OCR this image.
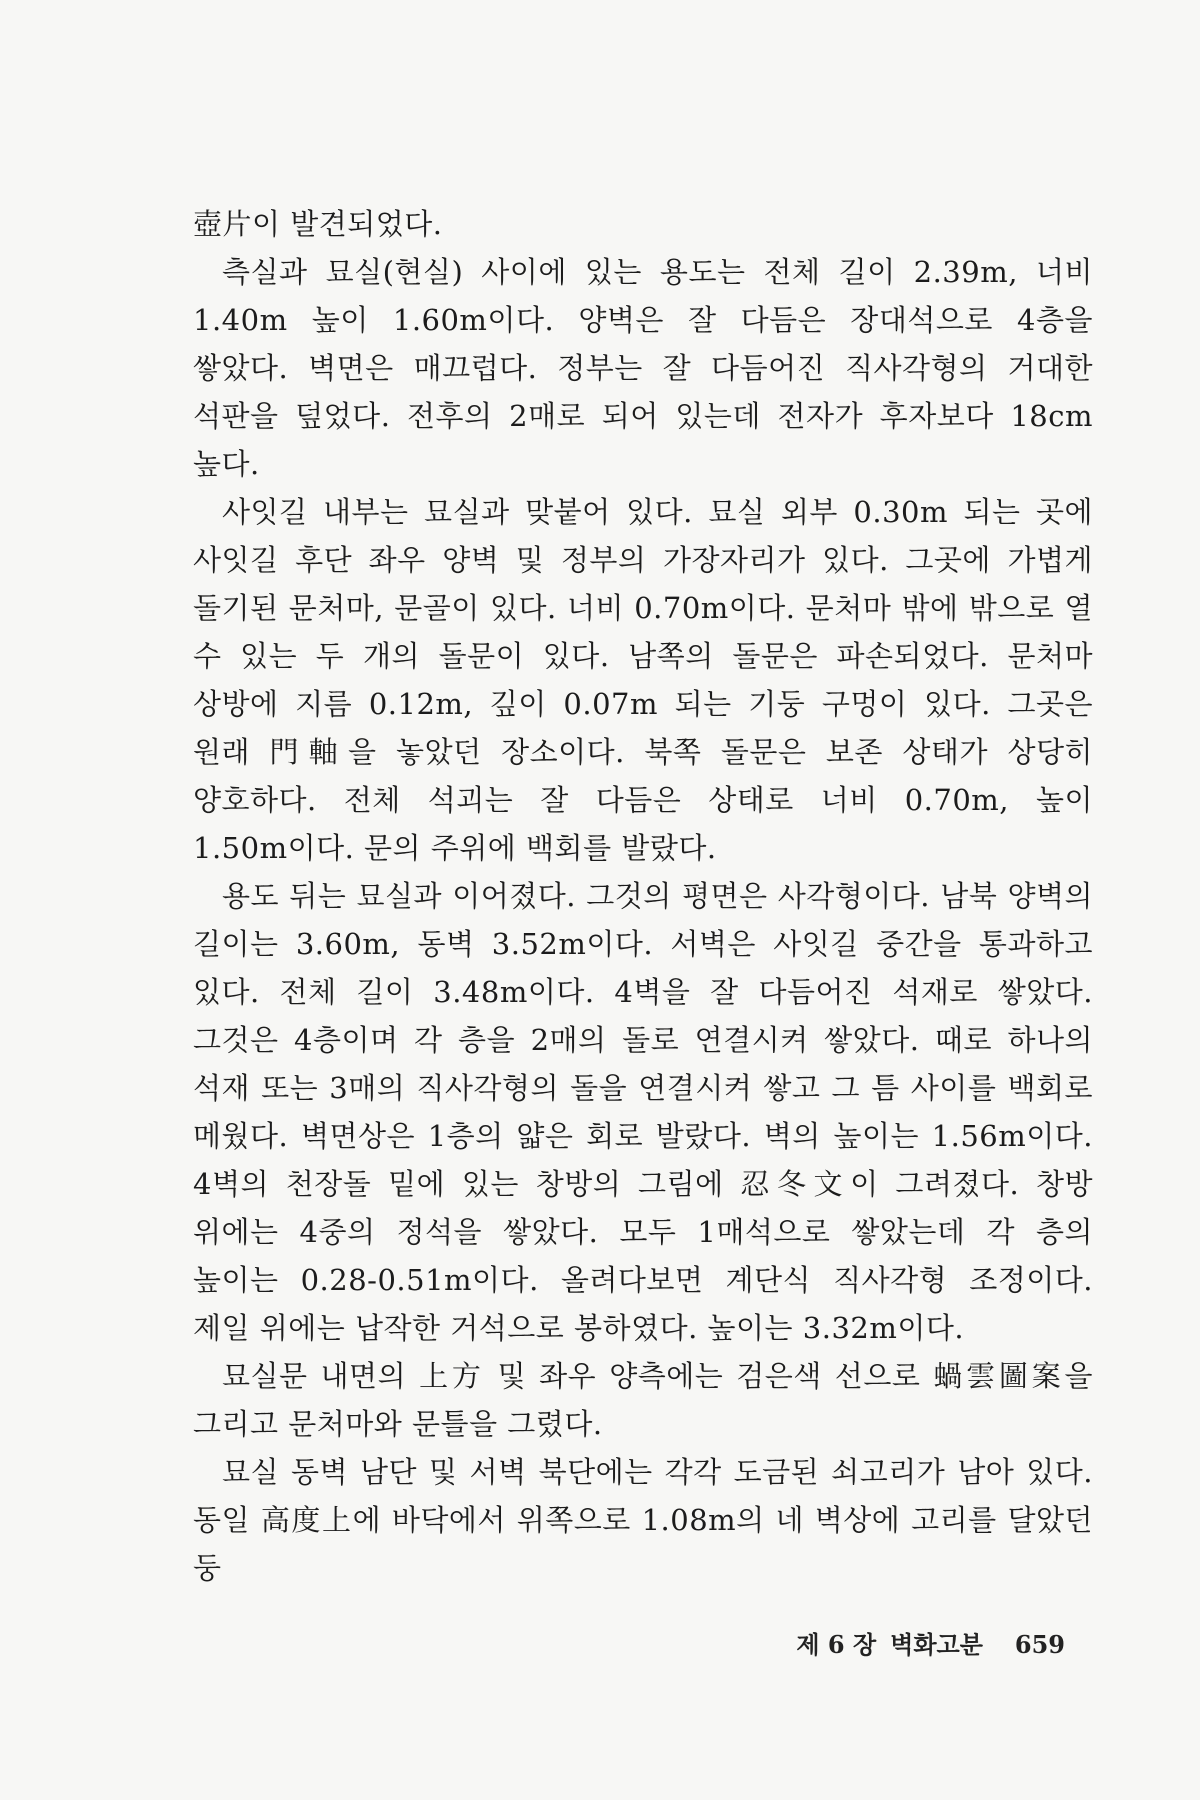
壺片이 발견되었다.

측실과 묘실(현실) 사이에 있는 용도는 전체 길이 2.39m, 너비 1.40m 높이 1.60m이다. 양벽은 잘 다듬은 장대석으로 4층을 쌓았다. 벽면은 매끄럽다. 정부는 잘 다듬어진 직사각형의 거대한 석판을 덮었다. 전후의 2매로 되어 있는데 전자가 후자보다 18cm 높다.

사잇길 내부는 묘실과 맞붙어 있다. 묘실 외부 0.30m 되는 곳에 사잇길 후단 좌우 양벽 및 정부의 가장자리가 있다. 그곳에 가볍게 돌기된 문처마, 문골이 있다. 너비 0.70m이다. 문처마 밖에 밖으로 열 수 있는 두 개의 돌문이 있다. 남쪽의 돌문은 파손되었다. 문처마 상방에 지름 0.12m, 깊이 0.07m 되는 기둥 구멍이 있다. 그곳은 원래 門軸을 놓았던 장소이다. 북쪽 돌문은 보존 상태가 상당히 양호하다. 전체 석괴는 잘 다듬은 상태로 너비 0.70m, 높이 1.50m이다. 문의 주위에 백회를 발랐다.

용도 뒤는 묘실과 이어졌다. 그것의 평면은 사각형이다. 남북 양벽의 길이는 3.60m, 동벽 3.52m이다. 서벽은 사잇길 중간을 통과하고 있다. 전체 길이 3.48m이다. 4벽을 잘 다듬어진 석재로 쌓았다. 그것은 4층이며 각 층을 2매의 돌로 연결시켜 쌓았다. 때로 하나의 석재 또는 3매의 직사각형의 돌을 연결시켜 쌓고 그 틈 사이를 백회로 메웠다. 벽면상은 1층의 얇은 회로 발랐다. 벽의 높이는 1.56m이다. 4벽의 천장돌 밑에 있는 창방의 그림에 忍冬文이 그려졌다. 창방 위에는 4중의 정석을 쌓았다. 모두 1매석으로 쌓았는데 각 층의 높이는 0.28-0.51m이다. 올려다보면 계단식 직사각형 조정이다. 제일 위에는 납작한 거석으로 봉하였다. 높이는 3.32m이다.

묘실문 내면의 上方 및 좌우 양측에는 검은색 선으로 蝸雲圖案을 그리고 문처마와 문틀을 그렸다.

묘실 동벽 남단 및 서벽 북단에는 각각 도금된 쇠고리가 남아 있다. 동일 高度上에 바닥에서 위쪽으로 1.08m의 네 벽상에 고리를 달았던 둥

제 6 장 벽화고분 659
